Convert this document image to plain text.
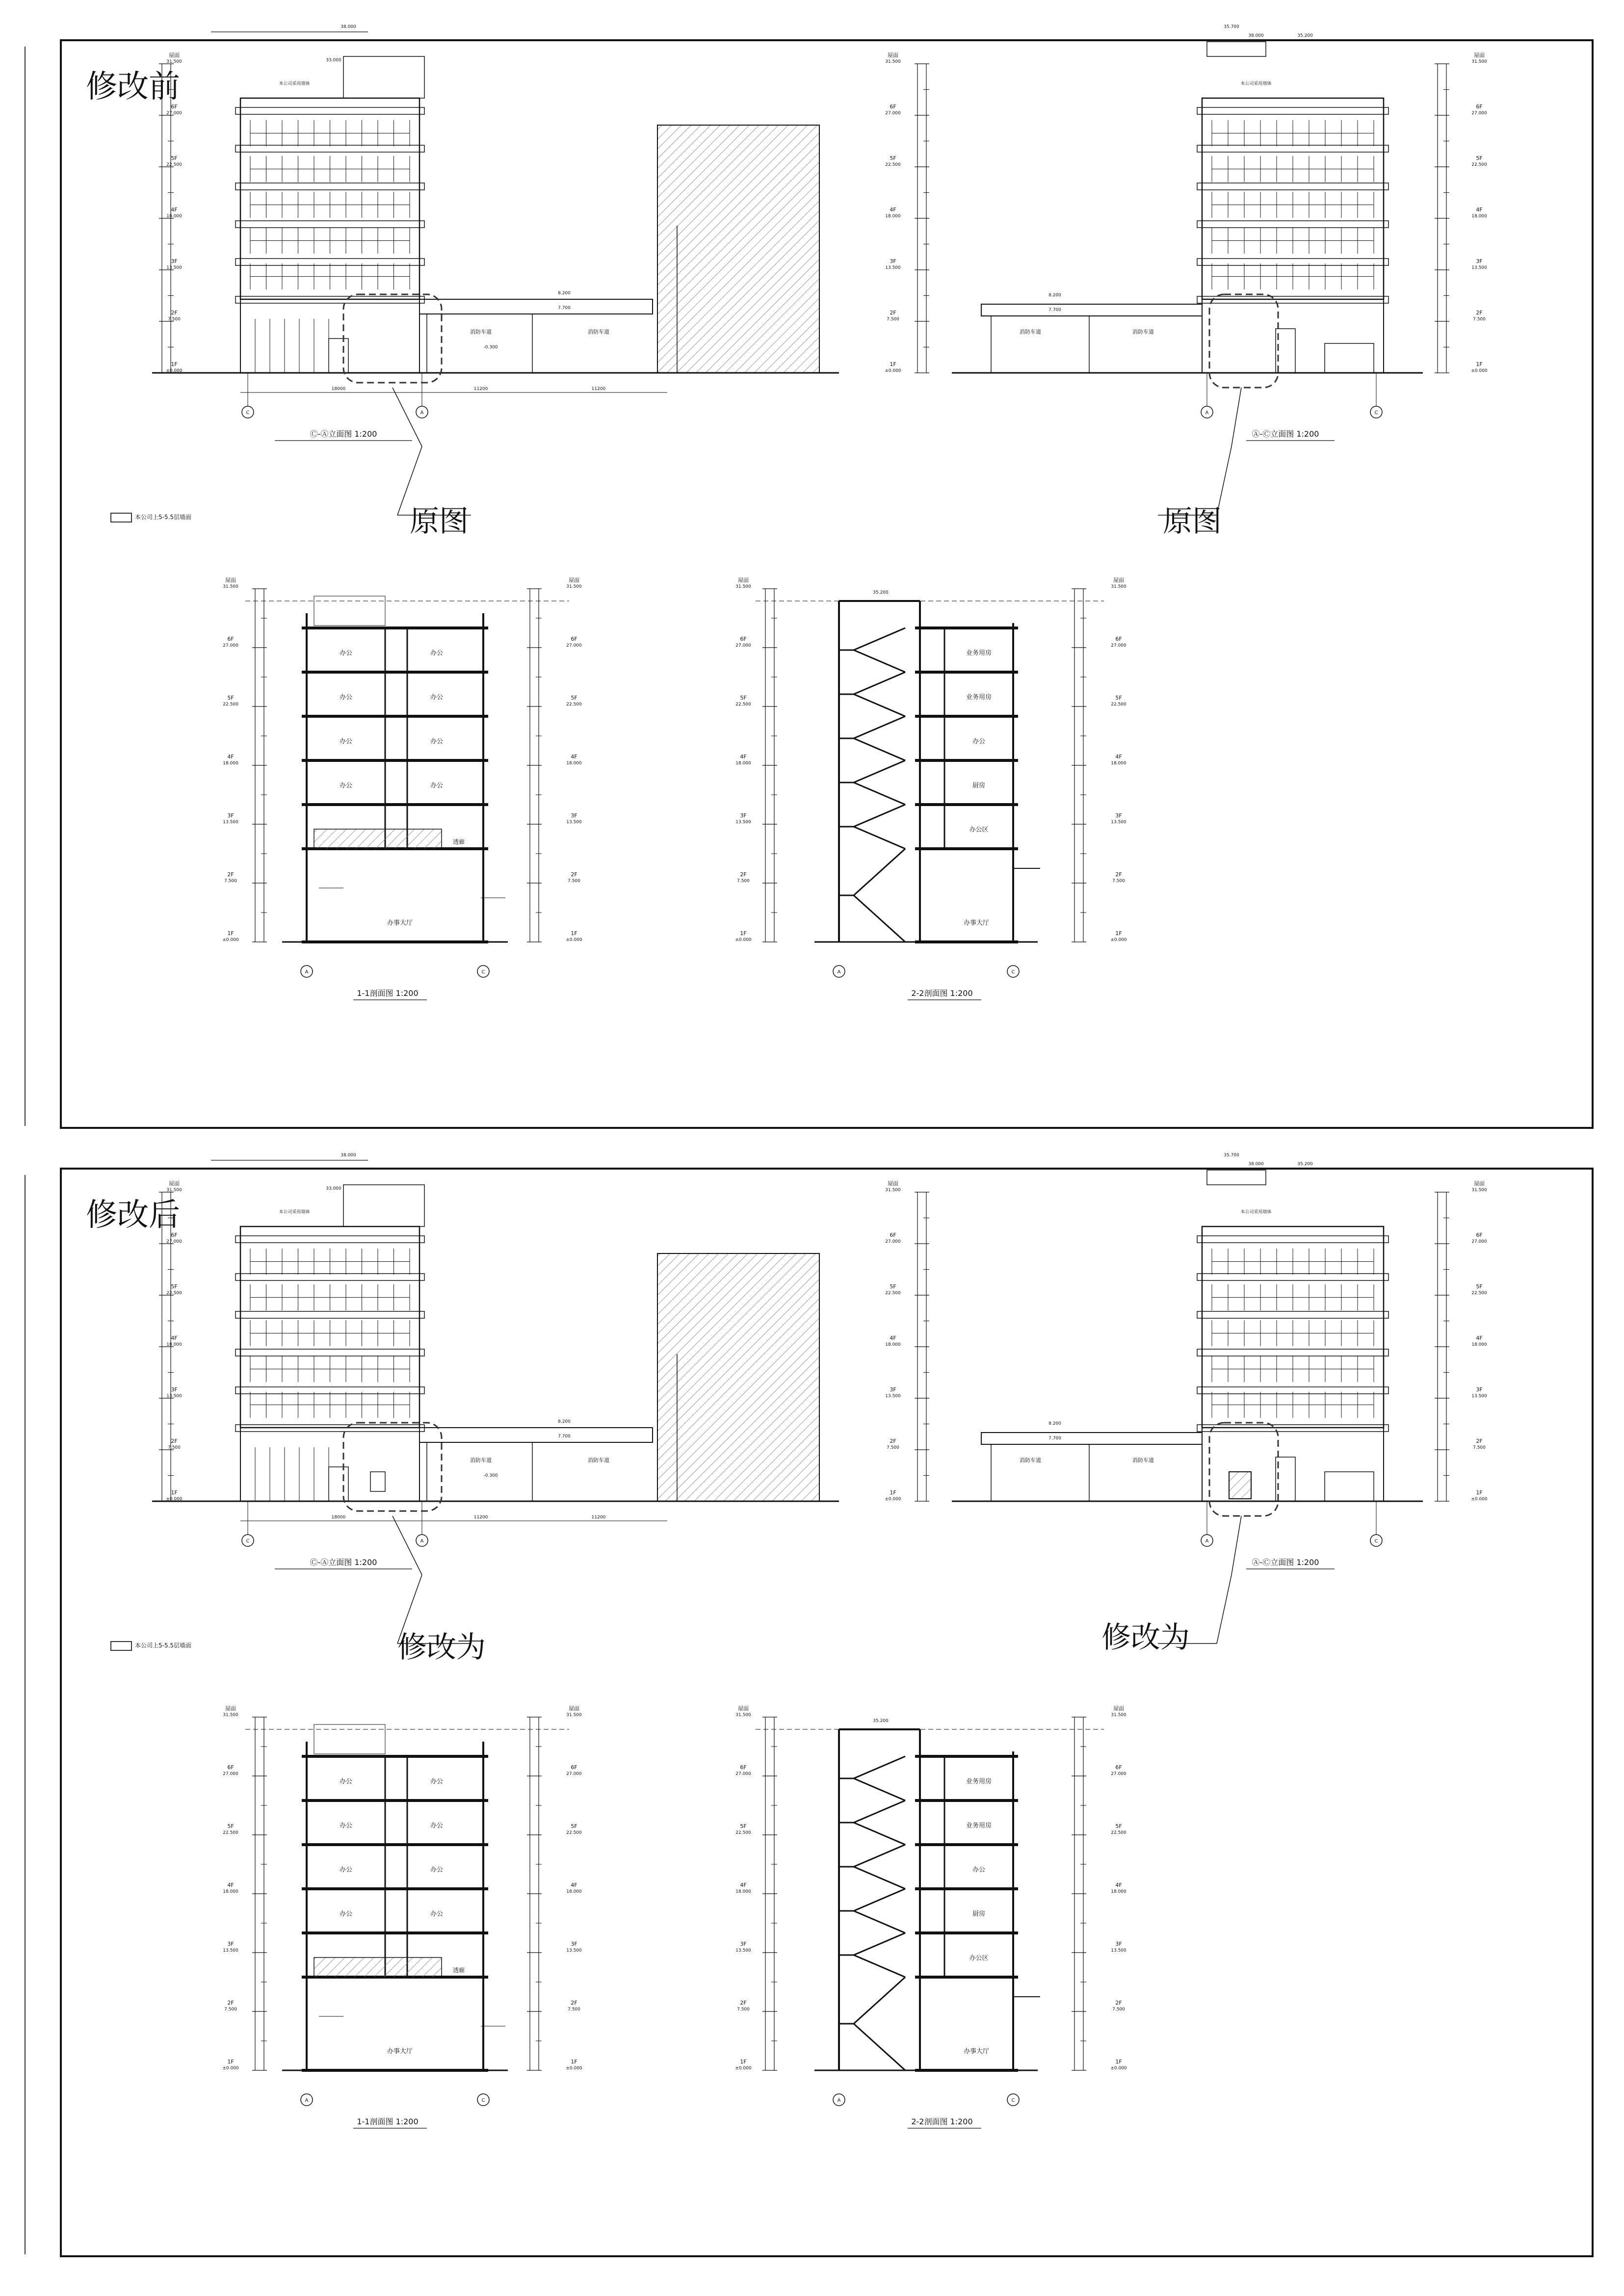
修改前
修改后
原图	原图
修改为	修改为
本公司上5-5.5层墙面
本公司上5-5.5层墙面
屋面
31.500
6F
27.000
5F
22.500
4F
18.000
3F
13.500
2F
7.500
1F
±0.000
38.000
33.000
本公司采用墙体
8.200
7.700
消防车道	消防车道
-0.300
C	A
18000	11200	11200
Ⓒ-Ⓐ立面图 1:200
屋面
31.500
6F
27.000
5F
22.500
4F
18.000
3F
13.500
2F
7.500
1F
±0.000
屋面
31.500
6F
27.000
5F
22.500
4F
18.000
3F
13.500
2F
7.500
1F
±0.000
35.700
38.000	35.200
本公司采用墙体
8.200
7.700
消防车道	消防车道
A	C
Ⓐ-Ⓒ立面图 1:200
屋面
31.500
6F
27.000
5F
22.500
4F
18.000
3F
13.500
2F
7.500
1F
±0.000
屋面
31.500
6F
27.000
5F
22.500
4F
18.000
3F
13.500
2F
7.500
1F
±0.000
办公	办公
办公	办公
办公	办公
办公	办公
透廊
办事大厅
A	C
1-1剖面图 1:200
屋面
31.500
6F
27.000
5F
22.500
4F
18.000
3F
13.500
2F
7.500
1F
±0.000
屋面
31.500
6F
27.000
5F
22.500
4F
18.000
3F
13.500
2F
7.500
1F
±0.000
35.200
业务用房
业务用房
办公
厨房
办公区
办事大厅
A	C
2-2剖面图 1:200
屋面
31.500
6F
27.000
5F
22.500
4F
18.000
3F
13.500
2F
7.500
1F
±0.000
38.000
33.000
本公司采用墙体
8.200
7.700
消防车道	消防车道
-0.300
C	A
18000	11200	11200
Ⓒ-Ⓐ立面图 1:200
屋面
31.500
6F
27.000
5F
22.500
4F
18.000
3F
13.500
2F
7.500
1F
±0.000
屋面
31.500
6F
27.000
5F
22.500
4F
18.000
3F
13.500
2F
7.500
1F
±0.000
35.700
38.000	35.200
本公司采用墙体
8.200
7.700
消防车道	消防车道
A	C
Ⓐ-Ⓒ立面图 1:200
屋面
31.500
6F
27.000
5F
22.500
4F
18.000
3F
13.500
2F
7.500
1F
±0.000
屋面
31.500
6F
27.000
5F
22.500
4F
18.000
3F
13.500
2F
7.500
1F
±0.000
办公	办公
办公	办公
办公	办公
办公	办公
透廊
办事大厅
A	C
1-1剖面图 1:200
屋面
31.500
6F
27.000
5F
22.500
4F
18.000
3F
13.500
2F
7.500
1F
±0.000
屋面
31.500
6F
27.000
5F
22.500
4F
18.000
3F
13.500
2F
7.500
1F
±0.000
35.200
业务用房
业务用房
办公
厨房
办公区
办事大厅
A	C
2-2剖面图 1:200
